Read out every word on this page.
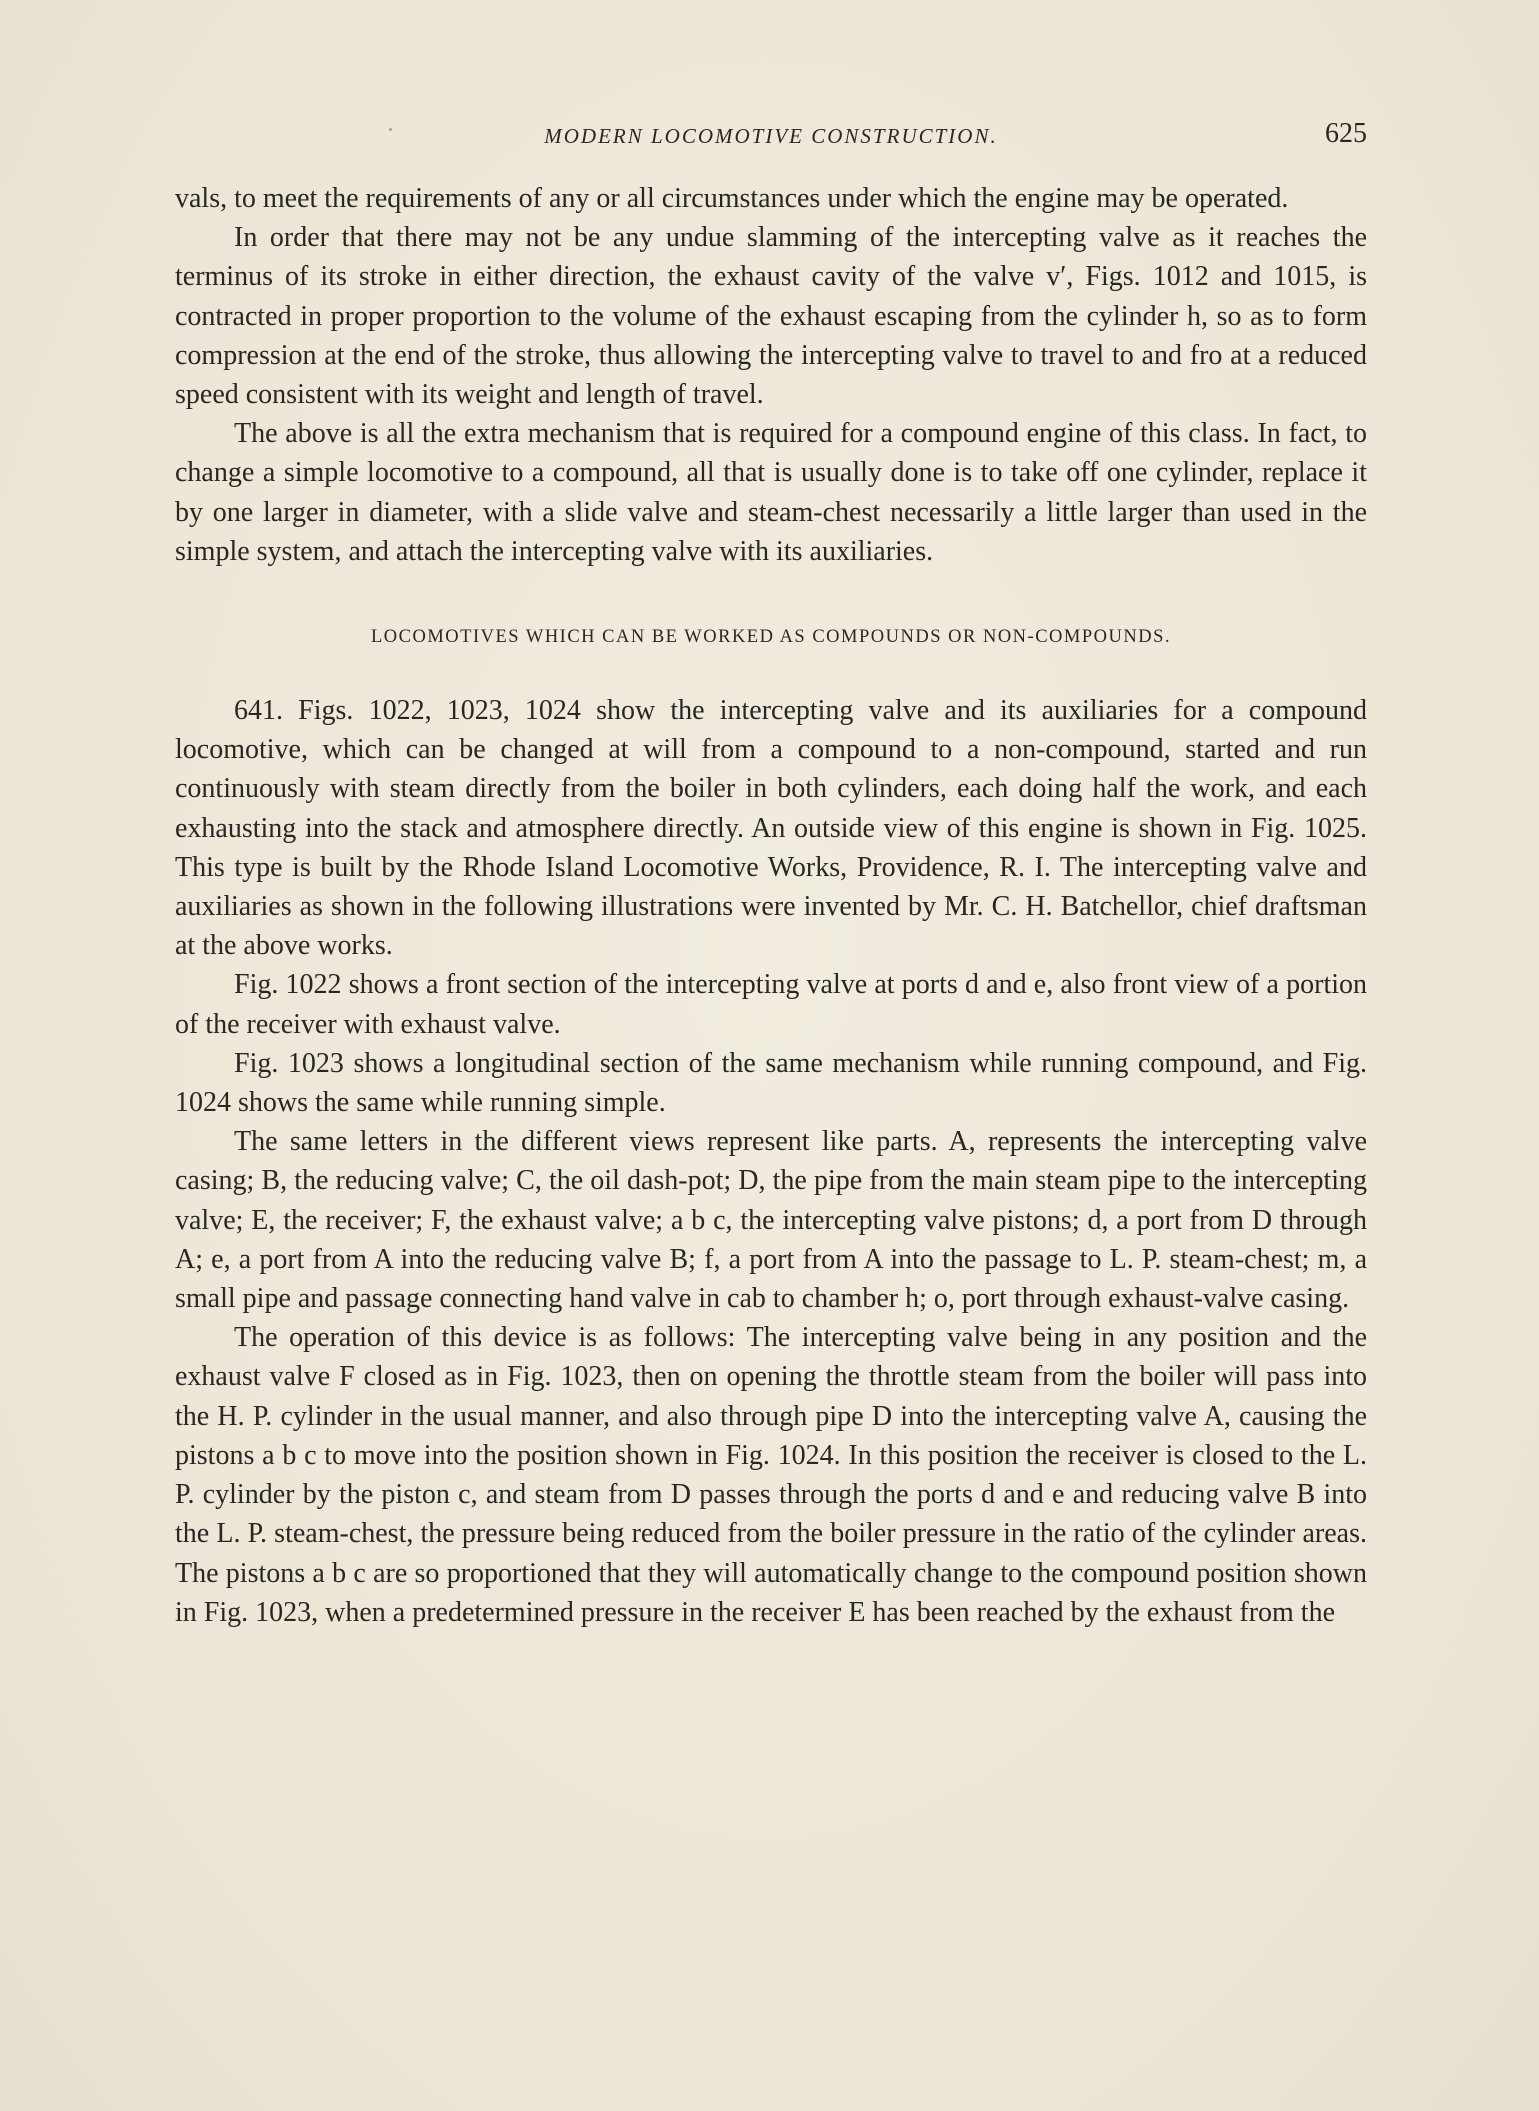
MODERN LOCOMOTIVE CONSTRUCTION.	625

vals, to meet the requirements of any or all circumstances under which the engine may be operated.

In order that there may not be any undue slamming of the intercepting valve as it reaches the terminus of its stroke in either direction, the exhaust cavity of the valve v′, Figs. 1012 and 1015, is contracted in proper proportion to the volume of the exhaust escaping from the cylinder h, so as to form compression at the end of the stroke, thus allowing the intercepting valve to travel to and fro at a reduced speed consistent with its weight and length of travel.

The above is all the extra mechanism that is required for a compound engine of this class. In fact, to change a simple locomotive to a compound, all that is usually done is to take off one cylinder, replace it by one larger in diameter, with a slide valve and steam-chest necessarily a little larger than used in the simple system, and attach the intercepting valve with its auxiliaries.

LOCOMOTIVES WHICH CAN BE WORKED AS COMPOUNDS OR NON-COMPOUNDS.

641. Figs. 1022, 1023, 1024 show the intercepting valve and its auxiliaries for a compound locomotive, which can be changed at will from a compound to a non-compound, started and run continuously with steam directly from the boiler in both cylinders, each doing half the work, and each exhausting into the stack and atmosphere directly. An outside view of this engine is shown in Fig. 1025. This type is built by the Rhode Island Locomotive Works, Providence, R. I. The intercepting valve and auxiliaries as shown in the following illustrations were invented by Mr. C. H. Batchellor, chief draftsman at the above works.

Fig. 1022 shows a front section of the intercepting valve at ports d and e, also front view of a portion of the receiver with exhaust valve.

Fig. 1023 shows a longitudinal section of the same mechanism while running compound, and Fig. 1024 shows the same while running simple.

The same letters in the different views represent like parts. A, represents the intercepting valve casing; B, the reducing valve; C, the oil dash-pot; D, the pipe from the main steam pipe to the intercepting valve; E, the receiver; F, the exhaust valve; a b c, the intercepting valve pistons; d, a port from D through A; e, a port from A into the reducing valve B; f, a port from A into the passage to L. P. steam-chest; m, a small pipe and passage connecting hand valve in cab to chamber h; o, port through exhaust-valve casing.

The operation of this device is as follows: The intercepting valve being in any position and the exhaust valve F closed as in Fig. 1023, then on opening the throttle steam from the boiler will pass into the H. P. cylinder in the usual manner, and also through pipe D into the intercepting valve A, causing the pistons a b c to move into the position shown in Fig. 1024. In this position the receiver is closed to the L. P. cylinder by the piston c, and steam from D passes through the ports d and e and reducing valve B into the L. P. steam-chest, the pressure being reduced from the boiler pressure in the ratio of the cylinder areas. The pistons a b c are so proportioned that they will automatically change to the compound position shown in Fig. 1023, when a predetermined pressure in the receiver E has been reached by the exhaust from the
